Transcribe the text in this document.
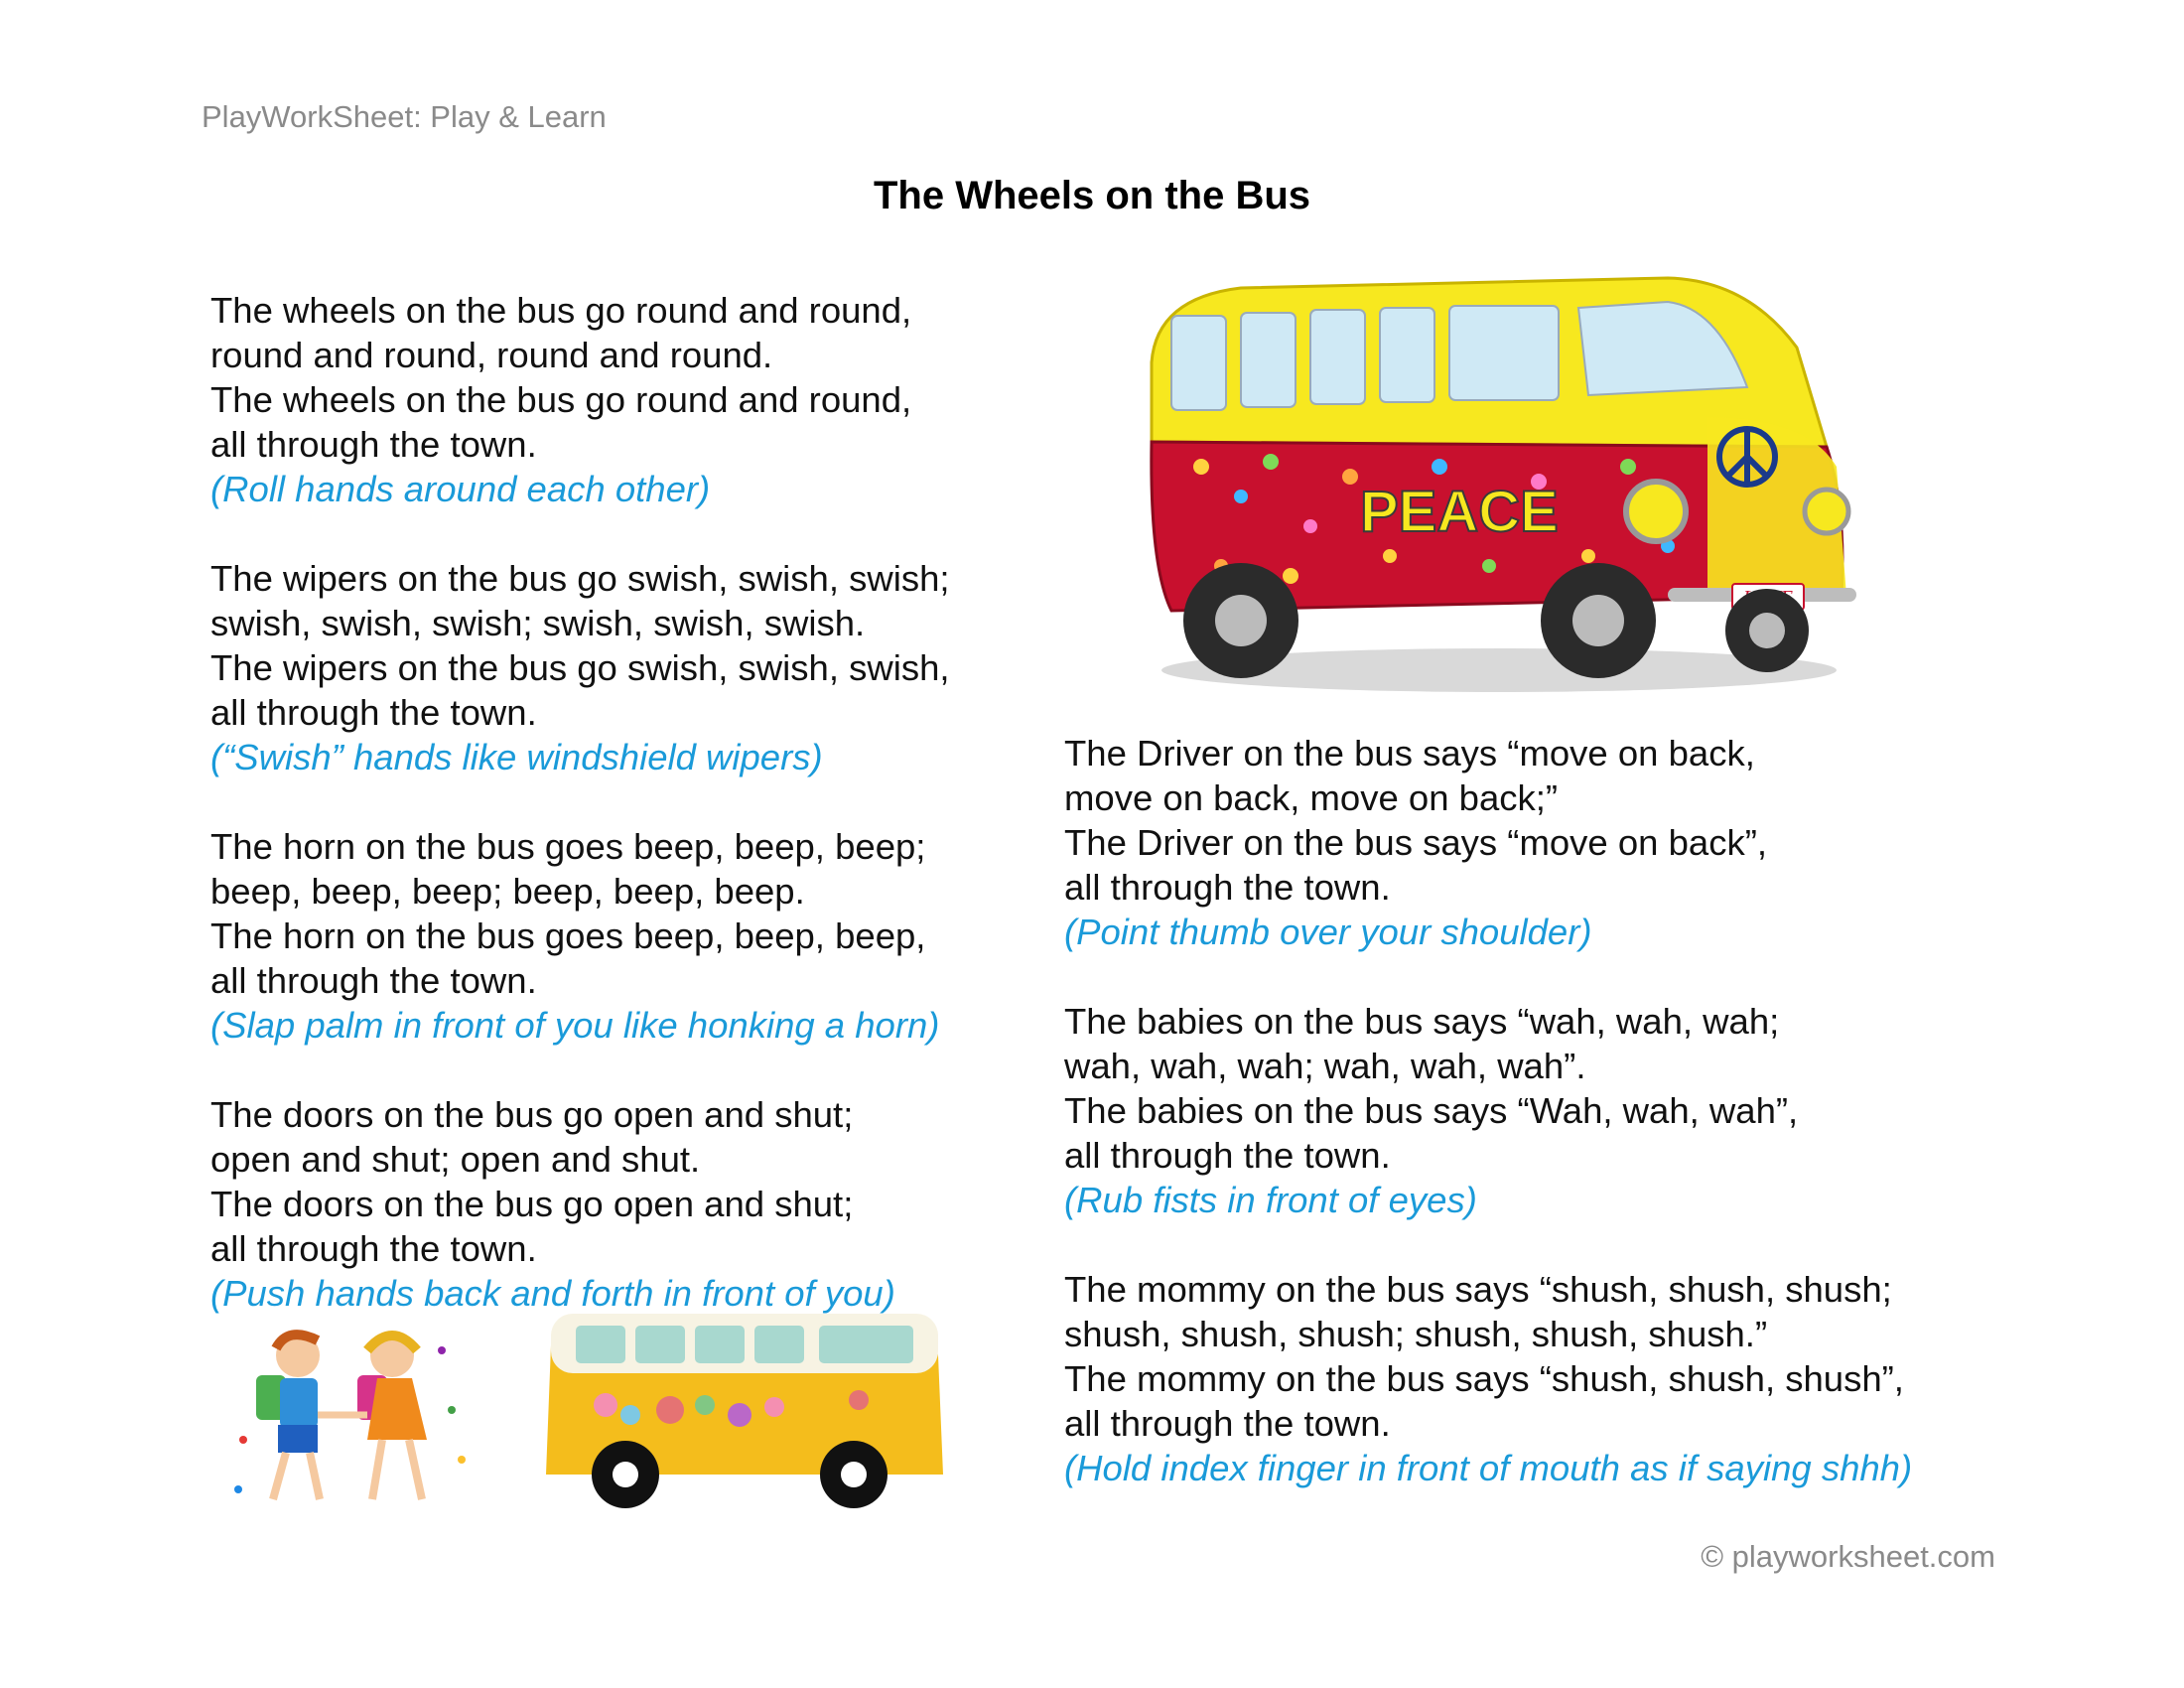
PlayWorkSheet: Play & Learn
The Wheels on the Bus

The wheels on the bus go round and round,

round and round, round and round.

The wheels on the bus go round and round,

all through the town.

(Roll hands around each other)

The wipers on the bus go swish, swish, swish;

swish, swish, swish; swish, swish, swish.

The wipers on the bus go swish, swish, swish,

all through the town.

(“Swish” hands like windshield wipers)

The horn on the bus goes beep, beep, beep;

beep, beep, beep; beep, beep, beep.

The horn on the bus goes beep, beep, beep,

all through the town.

(Slap palm in front of you like honking a horn)

The doors on the bus go open and shut;

open and shut; open and shut.

The doors on the bus go open and shut;

all through the town.

(Push hands back and forth in front of you)

The Driver on the bus says “move on back,

move on back, move on back;”

The Driver on the bus says “move on back”,

all through the town.

(Point thumb over your shoulder)

The babies on the bus says “wah, wah, wah;

wah, wah, wah; wah, wah, wah”.

The babies on the bus says “Wah, wah, wah”,

all through the town.

(Rub fists in front of eyes)

The mommy on the bus says “shush, shush, shush;

shush, shush, shush; shush, shush, shush.”

The mommy on the bus says “shush, shush, shush”,

all through the town.

(Hold index finger in front of mouth as if saying shhh)

PEACE
© playworksheet.com
